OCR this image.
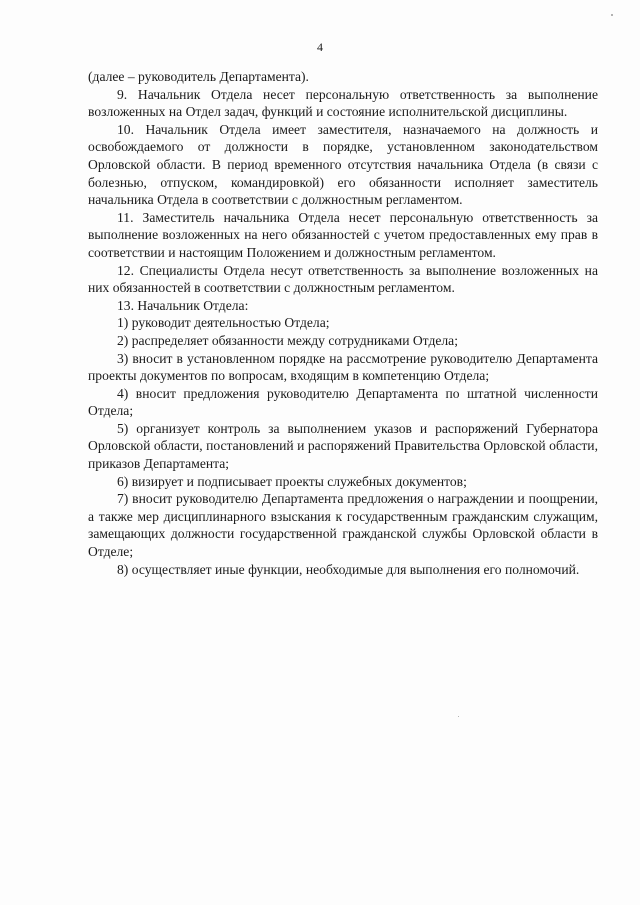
4

(далее – руководитель Департамента).

9. Начальник Отдела несет персональную ответственность за выполнение возложенных на Отдел задач, функций и состояние исполнительской дисциплины.

10. Начальник Отдела имеет заместителя, назначаемого на должность и освобождаемого от должности в порядке, установленном законодательством Орловской области. В период временного отсутствия начальника Отдела (в связи с болезнью, отпуском, командировкой) его обязанности исполняет заместитель начальника Отдела в соответствии с должностным регламентом.

11. Заместитель начальника Отдела несет персональную ответственность за выполнение возложенных на него обязанностей с учетом предоставленных ему прав в соответствии и настоящим Положением и должностным регламентом.

12. Специалисты Отдела несут ответственность за выполнение возложенных на них обязанностей в соответствии с должностным регламентом.

13. Начальник Отдела:

1) руководит деятельностью Отдела;

2) распределяет обязанности между сотрудниками Отдела;

3) вносит в установленном порядке на рассмотрение руководителю Департамента проекты документов по вопросам, входящим в компетенцию Отдела;

4) вносит предложения руководителю Департамента по штатной численности Отдела;

5) организует контроль за выполнением указов и распоряжений Губернатора Орловской области, постановлений и распоряжений Правительства Орловской области, приказов Департамента;

6) визирует и подписывает проекты служебных документов;

7) вносит руководителю Департамента предложения о награждении и поощрении, а также мер дисциплинарного взыскания к государственным гражданским служащим, замещающих должности государственной гражданской службы Орловской области в Отделе;

8) осуществляет иные функции, необходимые для выполнения его полномочий.
